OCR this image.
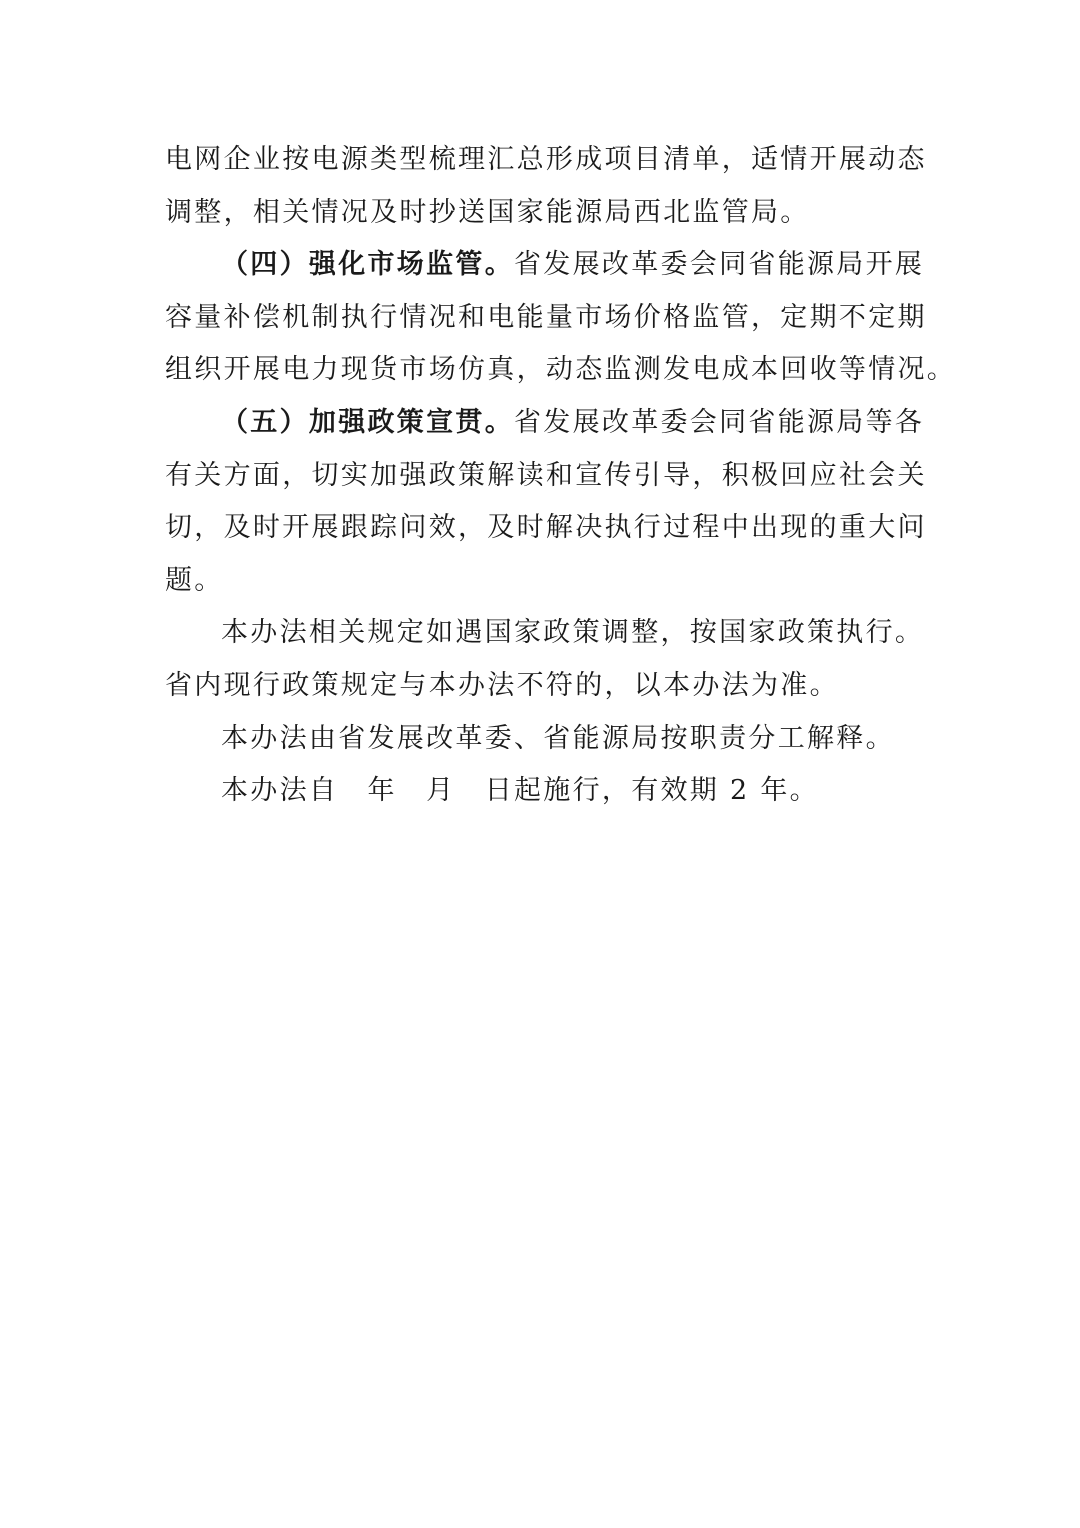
电网企业按电源类型梳理汇总形成项目清单，适情开展动态
调整，相关情况及时抄送国家能源局西北监管局。
（四）强化市场监管。省发展改革委会同省能源局开展
容量补偿机制执行情况和电能量市场价格监管，定期不定期
组织开展电力现货市场仿真，动态监测发电成本回收等情况。
（五）加强政策宣贯。省发展改革委会同省能源局等各
有关方面，切实加强政策解读和宣传引导，积极回应社会关
切，及时开展跟踪问效，及时解决执行过程中出现的重大问
题。
本办法相关规定如遇国家政策调整，按国家政策执行。
省内现行政策规定与本办法不符的，以本办法为准。
本办法由省发展改革委、省能源局按职责分工解释。
本办法自　年　月　日起施行，有效期 2 年。
